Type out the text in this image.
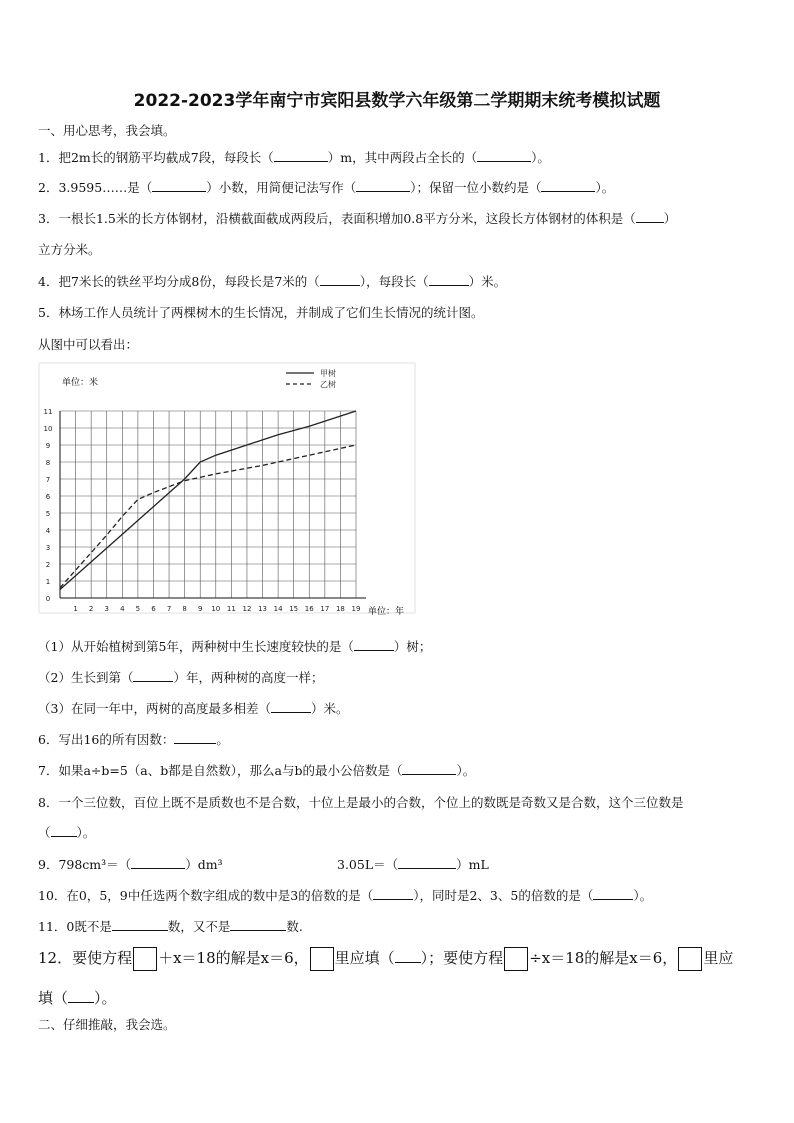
2022-2023学年南宁市宾阳县数学六年级第二学期期末统考模拟试题
一、用心思考，我会填。
1．把2m长的钢筋平均截成7段，每段长（	）m，其中两段占全长的（	）。
2．3.9595……是（	）小数，用简便记法写作（	）；保留一位小数约是（	）。
3．一根长1.5米的长方体钢材，沿横截面截成两段后，表面积增加0.8平方分米，这段长方体钢材的体积是（ ）
立方分米。
4．把7米长的铁丝平均分成8份，每段长是7米的（	），每段长（	）米。
5．林场工作人员统计了两棵树木的生长情况，并制成了它们生长情况的统计图。
从图中可以看出：
0
1
2
3
4
5
6
7
8
9
10
11
1 2 3 4 5 6 7 8 9 10 11 12 13 14 15 16 17 18 19
单位：米
单位：年
甲树
乙树
（1）从开始植树到第5年，两种树中生长速度较快的是（	）树；
（2）生长到第（	）年，两种树的高度一样；
（3）在同一年中，两树的高度最多相差（	）米。
6．写出16的所有因数：	。
7．如果a÷b=5（a、b都是自然数），那么a与b的最小公倍数是（	）。
8．一个三位数，百位上既不是质数也不是合数，十位上是最小的合数，个位上的数既是奇数又是合数，这个三位数是
（ ）。
9．798cm³＝（	）dm³	3.05L＝（	）mL
10．在0，5，9中任选两个数字组成的数中是3的倍数的是（	），同时是2、3、5的倍数的是（	）。
11．0既不是	数，又不是	数.
12．要使方程 ＋x＝18的解是x＝6， 里应填（ ）；要使方程 ÷x＝18的解是x＝6， 里应
填（ ）。
二、仔细推敲，我会选。
